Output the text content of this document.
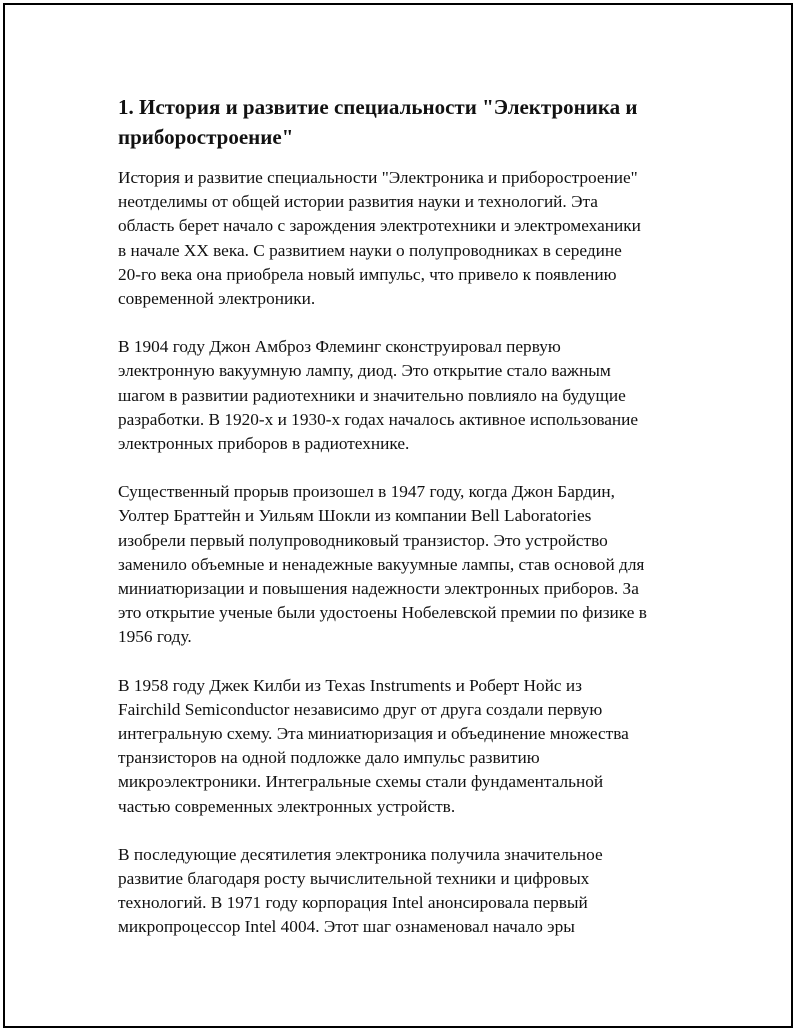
1. История и развитие специальности "Электроника и
приборостроение"
История и развитие специальности "Электроника и приборостроение"
неотделимы от общей истории развития науки и технологий. Эта
область берет начало с зарождения электротехники и электромеханики
в начале XX века. С развитием науки о полупроводниках в середине
20-го века она приобрела новый импульс, что привело к появлению
современной электроники.
В 1904 году Джон Амброз Флеминг сконструировал первую
электронную вакуумную лампу, диод. Это открытие стало важным
шагом в развитии радиотехники и значительно повлияло на будущие
разработки. В 1920-х и 1930-х годах началось активное использование
электронных приборов в радиотехнике.
Существенный прорыв произошел в 1947 году, когда Джон Бардин,
Уолтер Браттейн и Уильям Шокли из компании Bell Laboratories
изобрели первый полупроводниковый транзистор. Это устройство
заменило объемные и ненадежные вакуумные лампы, став основой для
миниатюризации и повышения надежности электронных приборов. За
это открытие ученые были удостоены Нобелевской премии по физике в
1956 году.
В 1958 году Джек Килби из Texas Instruments и Роберт Нойс из
Fairchild Semiconductor независимо друг от друга создали первую
интегральную схему. Эта миниатюризация и объединение множества
транзисторов на одной подложке дало импульс развитию
микроэлектроники. Интегральные схемы стали фундаментальной
частью современных электронных устройств.
В последующие десятилетия электроника получила значительное
развитие благодаря росту вычислительной техники и цифровых
технологий. В 1971 году корпорация Intel анонсировала первый
микропроцессор Intel 4004. Этот шаг ознаменовал начало эры
